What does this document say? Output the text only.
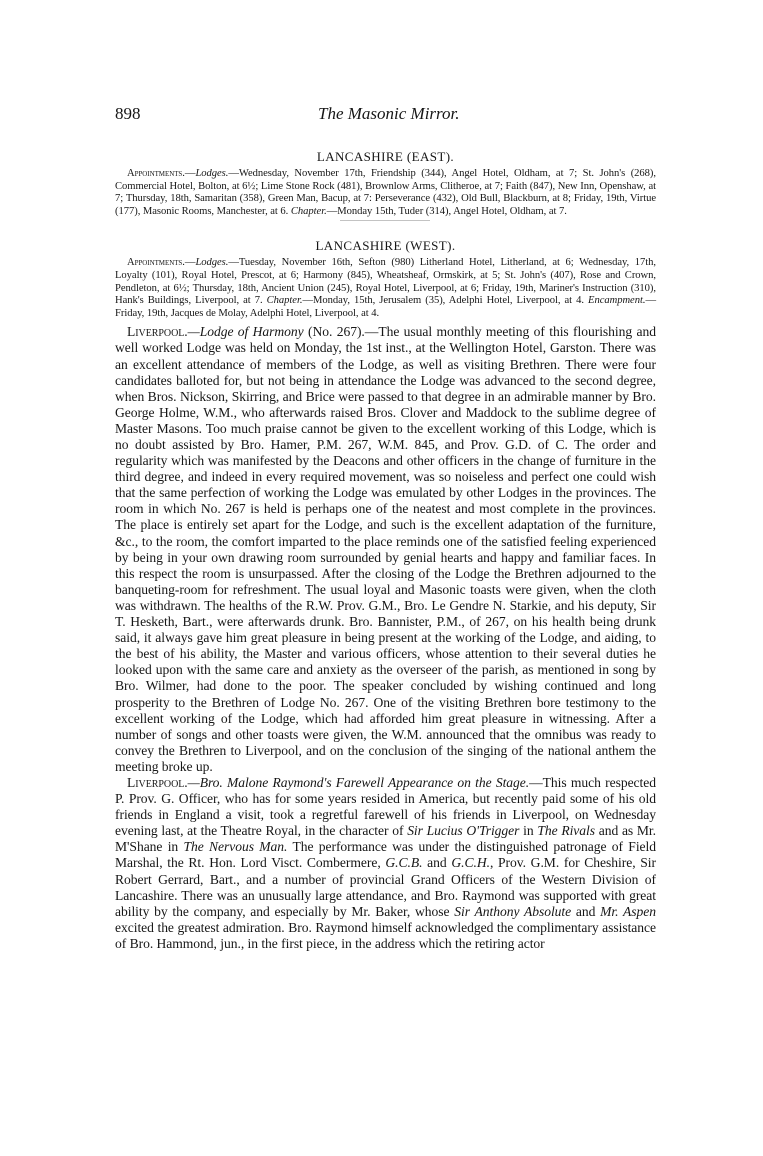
898	The Masonic Mirror.
LANCASHIRE (EAST).

Appointments.—Lodges.—Wednesday, November 17th, Friendship (344), Angel Hotel, Oldham, at 7; St. John's (268), Commercial Hotel, Bolton, at 6½; Lime Stone Rock (481), Brownlow Arms, Clitheroe, at 7; Faith (847), New Inn, Openshaw, at 7; Thursday, 18th, Samaritan (358), Green Man, Bacup, at 7: Perseverance (432), Old Bull, Blackburn, at 8; Friday, 19th, Virtue (177), Masonic Rooms, Manchester, at 6. Chapter.—Monday 15th, Tuder (314), Angel Hotel, Oldham, at 7.

LANCASHIRE (WEST).

Appointments.—Lodges.—Tuesday, November 16th, Sefton (980) Litherland Hotel, Litherland, at 6; Wednesday, 17th, Loyalty (101), Royal Hotel, Prescot, at 6; Harmony (845), Wheatsheaf, Ormskirk, at 5; St. John's (407), Rose and Crown, Pendleton, at 6½; Thursday, 18th, Ancient Union (245), Royal Hotel, Liverpool, at 6; Friday, 19th, Mariner's Instruction (310), Hank's Buildings, Liverpool, at 7. Chapter.—Monday, 15th, Jerusalem (35), Adelphi Hotel, Liverpool, at 4. Encampment.—Friday, 19th, Jacques de Molay, Adelphi Hotel, Liverpool, at 4.

Liverpool.—Lodge of Harmony (No. 267).—The usual monthly meeting of this flourishing and well worked Lodge was held on Monday, the 1st inst., at the Wellington Hotel, Garston. There was an excellent attendance of members of the Lodge, as well as visiting Brethren. There were four candidates balloted for, but not being in attendance the Lodge was advanced to the second degree, when Bros. Nickson, Skirring, and Brice were passed to that degree in an admirable manner by Bro. George Holme, W.M., who afterwards raised Bros. Clover and Maddock to the sublime degree of Master Masons. Too much praise cannot be given to the excellent working of this Lodge, which is no doubt assisted by Bro. Hamer, P.M. 267, W.M. 845, and Prov. G.D. of C. The order and regularity which was manifested by the Deacons and other officers in the change of furniture in the third degree, and indeed in every required movement, was so noiseless and perfect one could wish that the same perfection of working the Lodge was emulated by other Lodges in the provinces. The room in which No. 267 is held is perhaps one of the neatest and most complete in the provinces. The place is entirely set apart for the Lodge, and such is the excellent adaptation of the furniture, &c., to the room, the comfort imparted to the place reminds one of the satisfied feeling experienced by being in your own drawing room surrounded by genial hearts and happy and familiar faces. In this respect the room is unsurpassed. After the closing of the Lodge the Brethren adjourned to the banqueting-room for refreshment. The usual loyal and Masonic toasts were given, when the cloth was withdrawn. The healths of the R.W. Prov. G.M., Bro. Le Gendre N. Starkie, and his deputy, Sir T. Hesketh, Bart., were afterwards drunk. Bro. Bannister, P.M., of 267, on his health being drunk said, it always gave him great pleasure in being present at the working of the Lodge, and aiding, to the best of his ability, the Master and various officers, whose attention to their several duties he looked upon with the same care and anxiety as the overseer of the parish, as mentioned in song by Bro. Wilmer, had done to the poor. The speaker concluded by wishing continued and long prosperity to the Brethren of Lodge No. 267. One of the visiting Brethren bore testimony to the excellent working of the Lodge, which had afforded him great pleasure in witnessing. After a number of songs and other toasts were given, the W.M. announced that the omnibus was ready to convey the Brethren to Liverpool, and on the conclusion of the singing of the national anthem the meeting broke up.

Liverpool.—Bro. Malone Raymond's Farewell Appearance on the Stage.—This much respected P. Prov. G. Officer, who has for some years resided in America, but recently paid some of his old friends in England a visit, took a regretful farewell of his friends in Liverpool, on Wednesday evening last, at the Theatre Royal, in the character of Sir Lucius O'Trigger in The Rivals and as Mr. M'Shane in The Nervous Man. The performance was under the distinguished patronage of Field Marshal, the Rt. Hon. Lord Visct. Combermere, G.C.B. and G.C.H., Prov. G.M. for Cheshire, Sir Robert Gerrard, Bart., and a number of provincial Grand Officers of the Western Division of Lancashire. There was an unusually large attendance, and Bro. Raymond was supported with great ability by the company, and especially by Mr. Baker, whose Sir Anthony Absolute and Mr. Aspen excited the greatest admiration. Bro. Raymond himself acknowledged the complimentary assistance of Bro. Hammond, jun., in the first piece, in the address which the retiring actor
